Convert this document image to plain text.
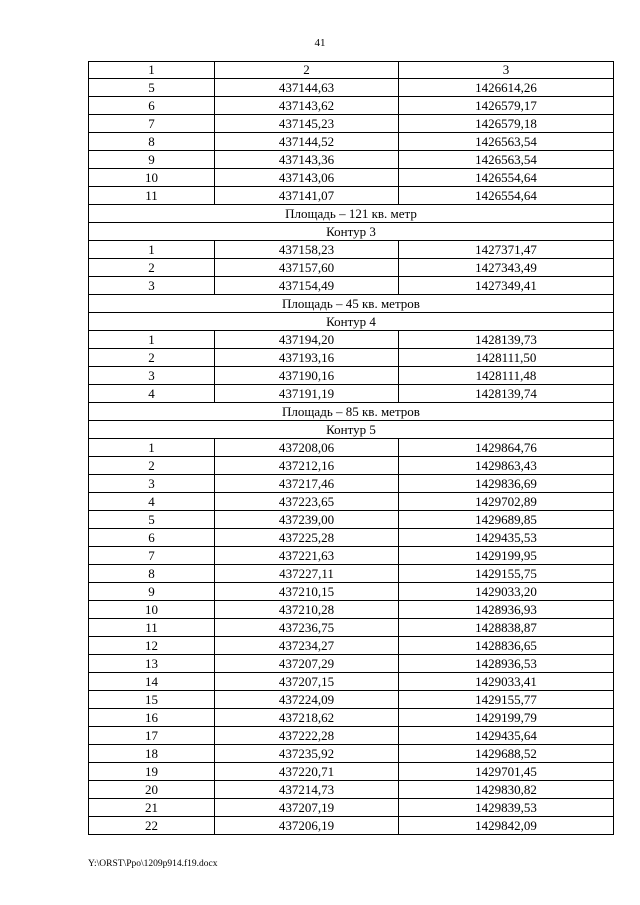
41
1	2	3
5	437144,63	1426614,26
6	437143,62	1426579,17
7	437145,23	1426579,18
8	437144,52	1426563,54
9	437143,36	1426563,54
10	437143,06	1426554,64
11	437141,07	1426554,64
Площадь – 121 кв. метр		
Контур 3		
1	437158,23	1427371,47
2	437157,60	1427343,49
3	437154,49	1427349,41
Площадь – 45 кв. метров		
Контур 4		
1	437194,20	1428139,73
2	437193,16	1428111,50
3	437190,16	1428111,48
4	437191,19	1428139,74
Площадь – 85 кв. метров		
Контур 5		
1	437208,06	1429864,76
2	437212,16	1429863,43
3	437217,46	1429836,69
4	437223,65	1429702,89
5	437239,00	1429689,85
6	437225,28	1429435,53
7	437221,63	1429199,95
8	437227,11	1429155,75
9	437210,15	1429033,20
10	437210,28	1428936,93
11	437236,75	1428838,87
12	437234,27	1428836,65
13	437207,29	1428936,53
14	437207,15	1429033,41
15	437224,09	1429155,77
16	437218,62	1429199,79
17	437222,28	1429435,64
18	437235,92	1429688,52
19	437220,71	1429701,45
20	437214,73	1429830,82
21	437207,19	1429839,53
22	437206,19	1429842,09
Y:\ORST\Ppo\1209p914.f19.docx
